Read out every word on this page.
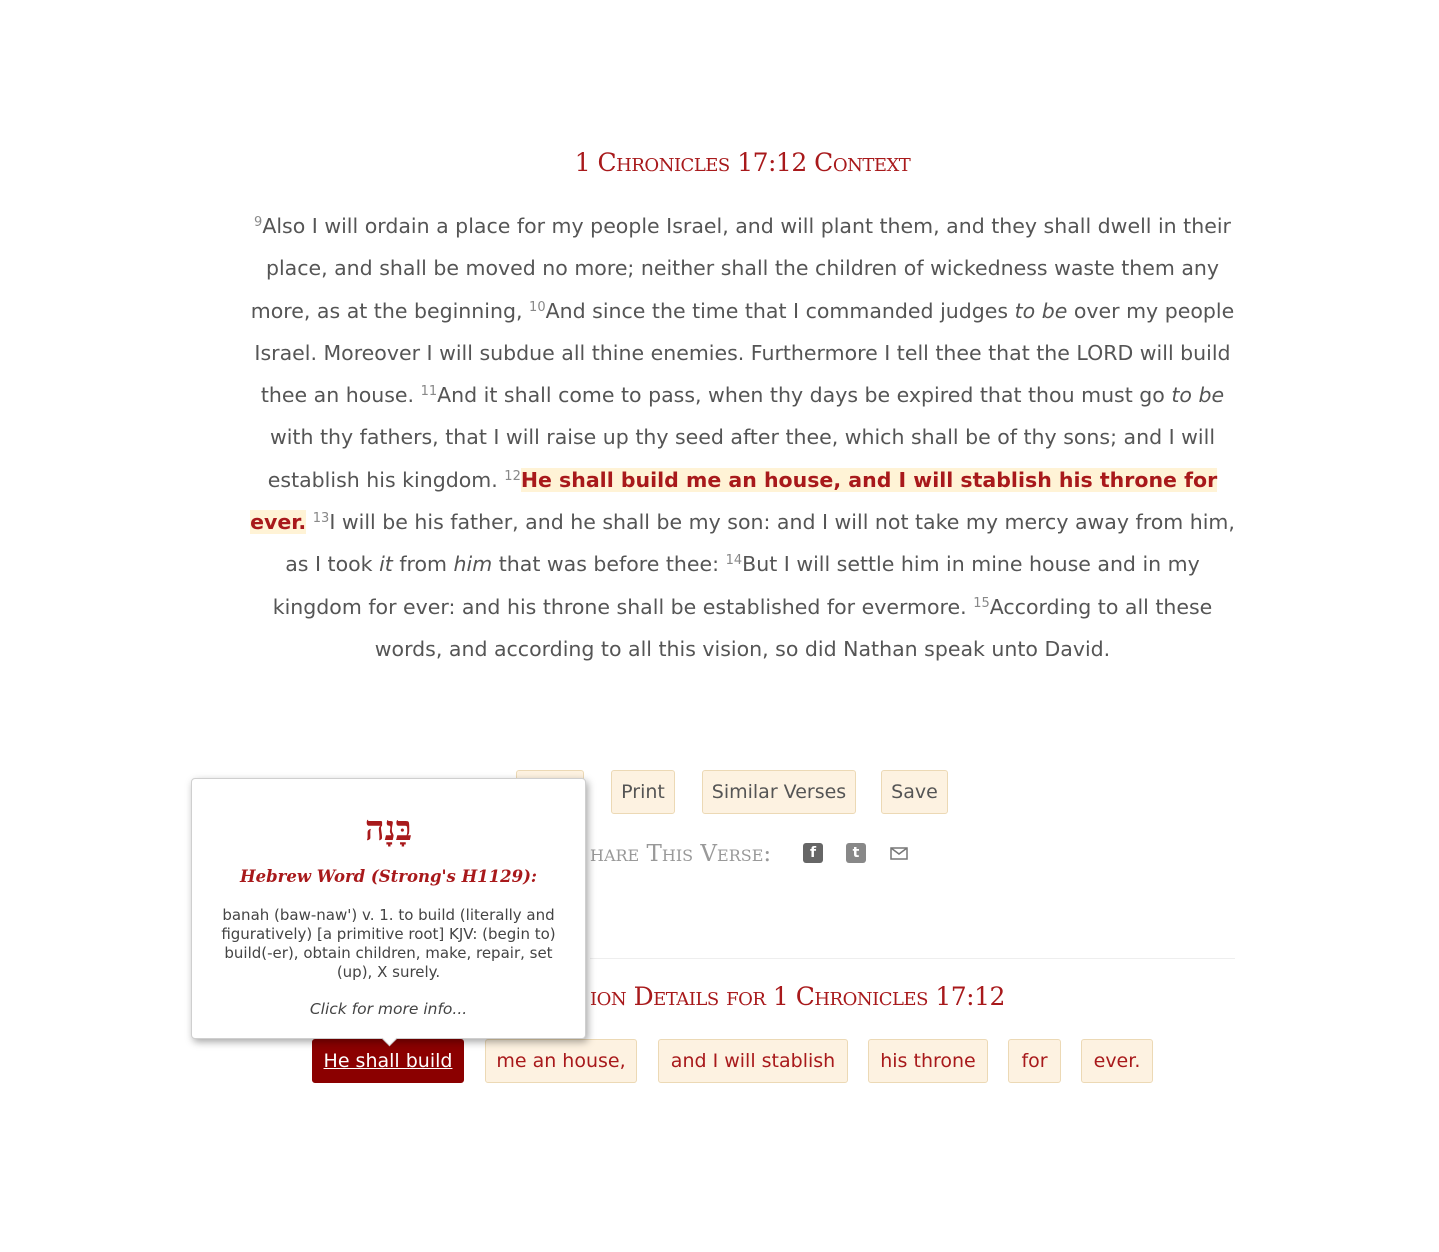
1 Chronicles 17:12 Context
$^9$Also I will ordain a place for my people Israel, and will plant them, and they shall dwell in their place, and shall be moved no more; neither shall the children of wickedness waste them any more, as at the beginning, $^{10}$And since the time that I commanded judges to be over my people Israel. Moreover I will subdue all thine enemies. Furthermore I tell thee that the LORD will build thee an house. $^{11}$And it shall come to pass, when thy days be expired that thou must go to be with thy fathers, that I will raise up thy seed after thee, which shall be of thy sons; and I will establish his kingdom. $^{12}$He shall build me an house, and I will stablish his throne for ever. $^{13}$I will be his father, and he shall be my son: and I will not take my mercy away from him, as I took it from him that was before thee: $^{14}$But I will settle him in mine house and in my kingdom for ever: and his throne shall be established for evermore. $^{15}$According to all these words, and according to all this vision, so did Nathan speak unto David.
Print	Similar Verses	Save
hare This Verse:	f	t
ion Details for 1 Chronicles 17:12
He shall build	me an house,	and I will stablish	his throne	for	ever.
בָּנָה
Hebrew Word (Strong's H1129):
banah (baw-naw') v. 1. to build (literally and figuratively) [a primitive root] KJV: (begin to) build(-er), obtain children, make, repair, set (up), X surely.
Click for more info...
